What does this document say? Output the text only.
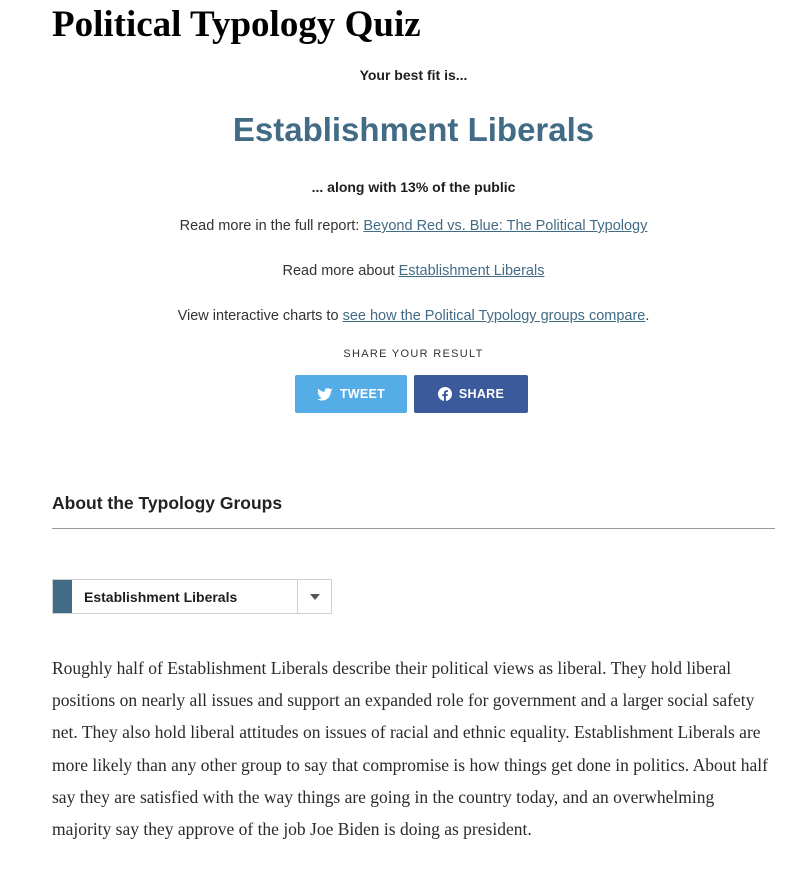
Political Typology Quiz
Your best fit is...
Establishment Liberals
... along with 13% of the public
Read more in the full report: Beyond Red vs. Blue: The Political Typology
Read more about Establishment Liberals
View interactive charts to see how the Political Typology groups compare.
SHARE YOUR RESULT
TWEET	SHARE
About the Typology Groups
Establishment Liberals

Roughly half of Establishment Liberals describe their political views as liberal. They hold liberal positions on nearly all issues and support an expanded role for government and a larger social safety net. They also hold liberal attitudes on issues of racial and ethnic equality. Establishment Liberals are more likely than any other group to say that compromise is how things get done in politics. About half say they are satisfied with the way things are going in the country today, and an overwhelming majority say they approve of the job Joe Biden is doing as president.
